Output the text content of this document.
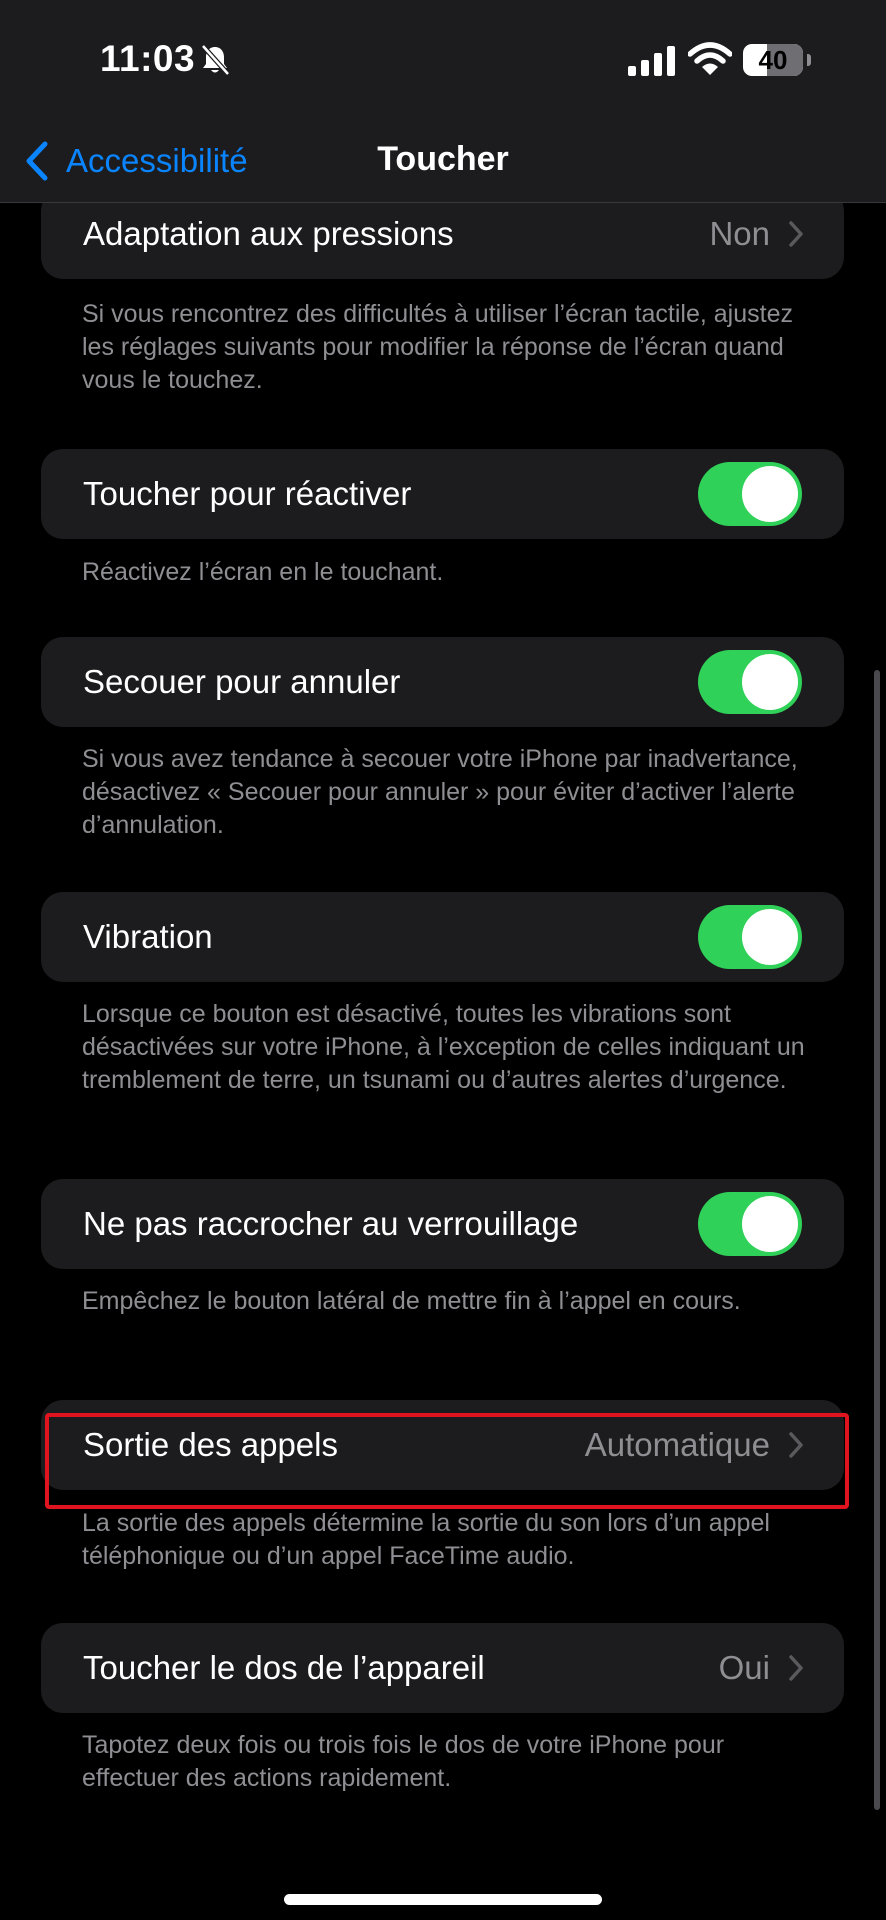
11:03	40
Toucher
Accessibilité
Adaptation aux pressions	Non
Si vous rencontrez des difficultés à utiliser l’écran tactile, ajustez les réglages suivants pour modifier la réponse de l’écran quand vous le touchez.
Toucher pour réactiver
Réactivez l’écran en le touchant.
Secouer pour annuler
Si vous avez tendance à secouer votre iPhone par inadvertance, désactivez « Secouer pour annuler » pour éviter d’activer l’alerte d’annulation.
Vibration
Lorsque ce bouton est désactivé, toutes les vibrations sont désactivées sur votre iPhone, à l’exception de celles indiquant un tremblement de terre, un tsunami ou d’autres alertes d’urgence.
Ne pas raccrocher au verrouillage
Empêchez le bouton latéral de mettre fin à l’appel en cours.
Sortie des appels	Automatique
La sortie des appels détermine la sortie du son lors d’un appel téléphonique ou d’un appel FaceTime audio.
Toucher le dos de l’appareil	Oui
Tapotez deux fois ou trois fois le dos de votre iPhone pour effectuer des actions rapidement.
